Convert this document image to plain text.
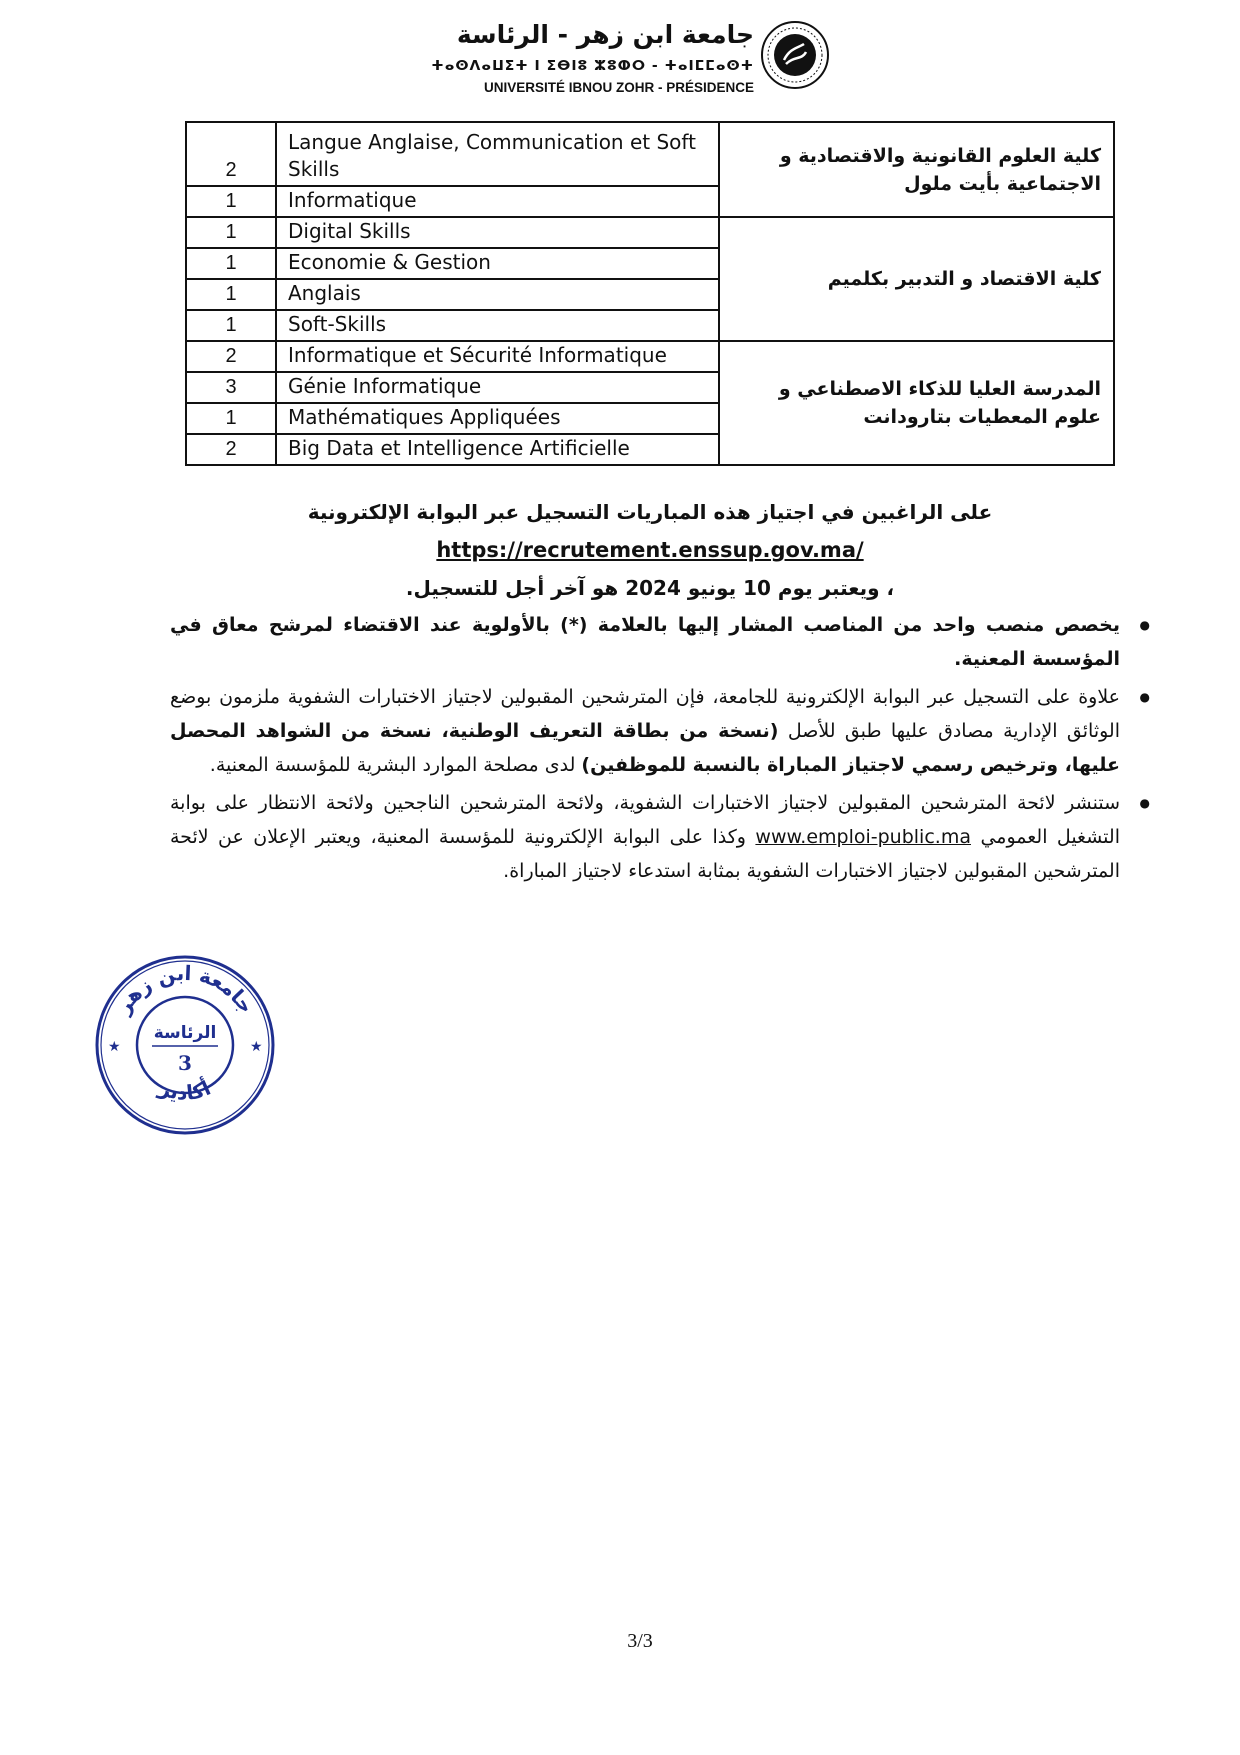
جامعة ابن زهر - الرئاسة
ⵜⴰⵙⴷⴰⵡⵉⵜ ⵏ ⵉⴱⵏⵓ ⵣⵓⵀⵔ - ⵜⴰⵏⵎⵎⴰⵙⵜ
UNIVERSITÉ IBNOU ZOHR - PRÉSIDENCE
2	Langue Anglaise, Communication et Soft Skills	كلية العلوم القانونية والاقتصادية و الاجتماعية بأيت ملول
1	Informatique	
1	Digital Skills	كلية الاقتصاد و التدبير بكلميم
1	Economie & Gestion	
1	Anglais	
1	Soft-Skills	
2	Informatique et Sécurité Informatique	المدرسة العليا للذكاء الاصطناعي و علوم المعطيات بتارودانت
3	Génie Informatique	
1	Mathématiques Appliquées	
2	Big Data et Intelligence Artificielle	
على الراغبين في اجتياز هذه المباريات التسجيل عبر البوابة الإلكترونية
https://recrutement.enssup.gov.ma/
، ويعتبر يوم 10 يونيو 2024 هو آخر أجل للتسجيل.
● يخصص منصب واحد من المناصب المشار إليها بالعلامة (*) بالأولوية عند الاقتضاء لمرشح معاق في المؤسسة المعنية.
● علاوة على التسجيل عبر البوابة الإلكترونية للجامعة، فإن المترشحين المقبولين لاجتياز الاختبارات الشفوية ملزمون بوضع الوثائق الإدارية مصادق عليها طبق للأصل (نسخة من بطاقة التعريف الوطنية، نسخة من الشواهد المحصل عليها، وترخيص رسمي لاجتياز المباراة بالنسبة للموظفين) لدى مصلحة الموارد البشرية للمؤسسة المعنية.
● ستنشر لائحة المترشحين المقبولين لاجتياز الاختبارات الشفوية، ولائحة المترشحين الناجحين ولائحة الانتظار على بوابة التشغيل العمومي www.emploi-public.ma وكذا على البوابة الإلكترونية للمؤسسة المعنية، ويعتبر الإعلان عن لائحة المترشحين المقبولين لاجتياز الاختبارات الشفوية بمثابة استدعاء لاجتياز المباراة.
جامعة ابن زهر
أكادير
الرئاسة
3
★	★
3/3
